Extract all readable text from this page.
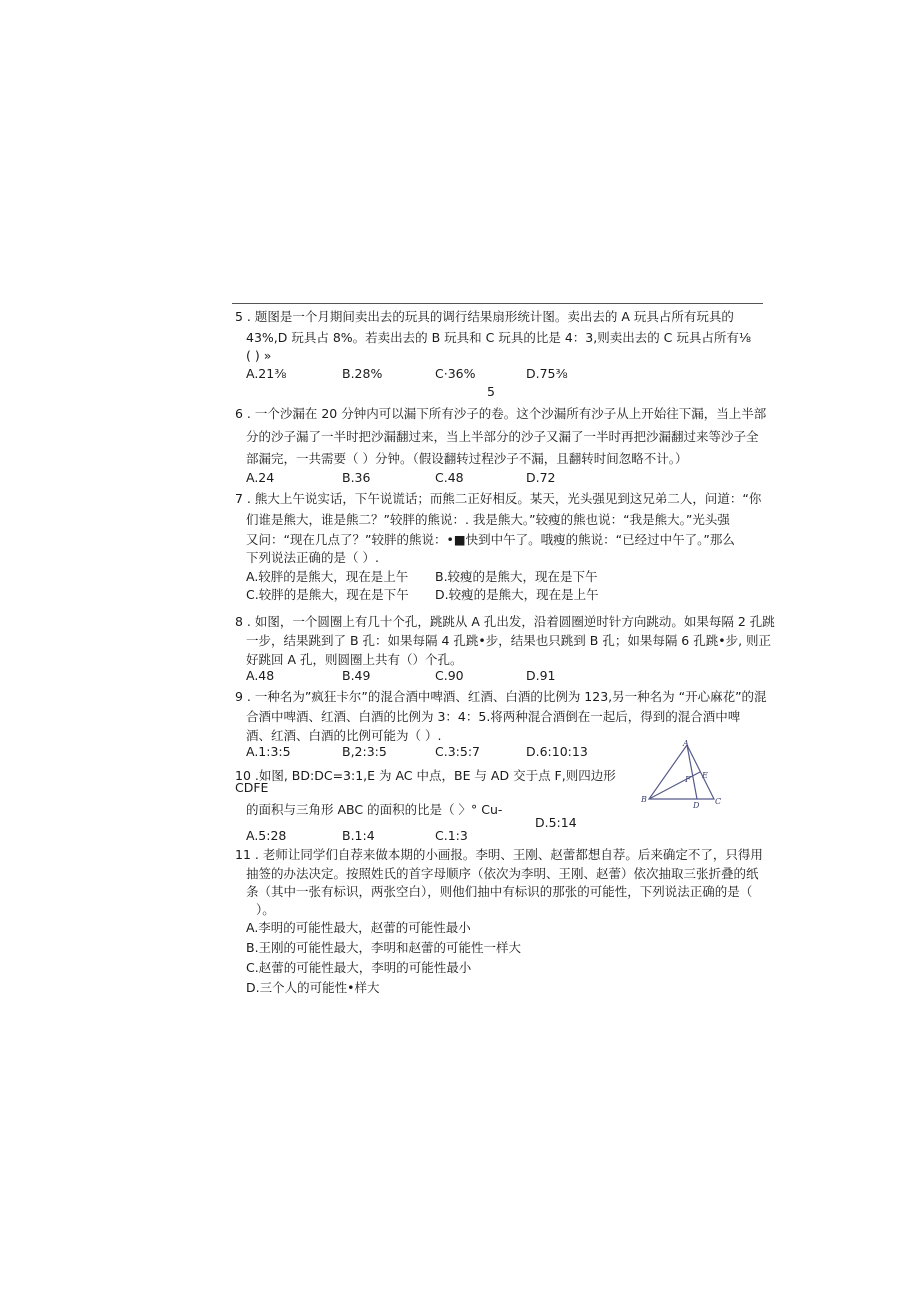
5 . 题图是一个月期间卖出去的玩具的调行结果扇形统计图。卖出去的 A 玩具占所有玩具的
43%,D 玩具占 8%。若卖出去的 B 玩具和 C 玩具的比是 4：3,则卖出去的 C 玩具占所有⅛
( ) »
A.21⅜	B.28%	C·36%	D.75⅜
5
6 . 一个沙漏在 20 分钟内可以漏下所有沙子的卷。这个沙漏所有沙子从上开始往下漏，当上半部
分的沙子漏了一半时把沙漏翻过来，当上半部分的沙子又漏了一半时再把沙漏翻过来等沙子全
部漏完，一共需要（ ）分钟。（假设翻转过程沙子不漏，且翻转时间忽略不计。）
A.24	B.36	C.48	D.72
7 . 熊大上午说实话，下午说谎话；而熊二正好相反。某天，光头强见到这兄弟二人，问道：“你
们谁是熊大，谁是熊二？”较胖的熊说：. 我是熊大。”较瘦的熊也说：“我是熊大。”光头强
又问：“现在几点了？”较胖的熊说：•■快到中午了。哦瘦的熊说：“已经过中午了。”那么
下列说法正确的是（ ）.
A.较胖的是熊大，现在是上午 B.较瘦的是熊大，现在是下午
C.较胖的是熊大，现在是下午 D.较瘦的是熊大，现在是上午
8 . 如图，一个圆圈上有几十个孔，跳跳从 A 孔出发，沿着圆圈逆时针方向跳动。如果每隔 2 孔跳
一步，结果跳到了 B 孔：如果每隔 4 孔跳•步，结果也只跳到 B 孔；如果每隔 6 孔跳•步, 则正
好跳回 A 孔，则圆圈上共有（）个孔。
A.48	B.49	C.90	D.91
9 . 一种名为”疯狂卡尔”的混合酒中啤酒、红酒、白酒的比例为 123,另一种名为 “开心麻花”的混
合酒中啤酒、红酒、白酒的比例为 3：4：5.将两种混合酒倒在一起后，得到的混合酒中啤
酒、红酒、白酒的比例可能为（ ）.
A.1:3:5	B,2:3:5	C.3:5:7	D.6:10:13
10 .如图, BD:DC=3:1,E 为 AC 中点，BE 与 AD 交于点 F,则四边形
CDFE
的面积与三角形 ABC 的面积的比是（ 〉° Cu-
D.5:14
A.5:28	B.1:4	C.1:3
A
B	C
D
E
F
11 . 老师让同学们自荐来做本期的小画报。李明、王刚、赵蕾都想自荐。后来确定不了，只得用
抽签的办法决定。按照姓氏的首字母顺序（依次为李明、王刚、赵蕾）依次抽取三张折叠的纸
条（其中一张有标识，两张空白），则他们抽中有标识的那张的可能性，下列说法正确的是（
）。
A.李明的可能性最大，赵蕾的可能性最小
B.王刚的可能性最大，李明和赵蕾的可能性一样大
C.赵蕾的可能性最大，李明的可能性最小
D.三个人的可能性•样大
